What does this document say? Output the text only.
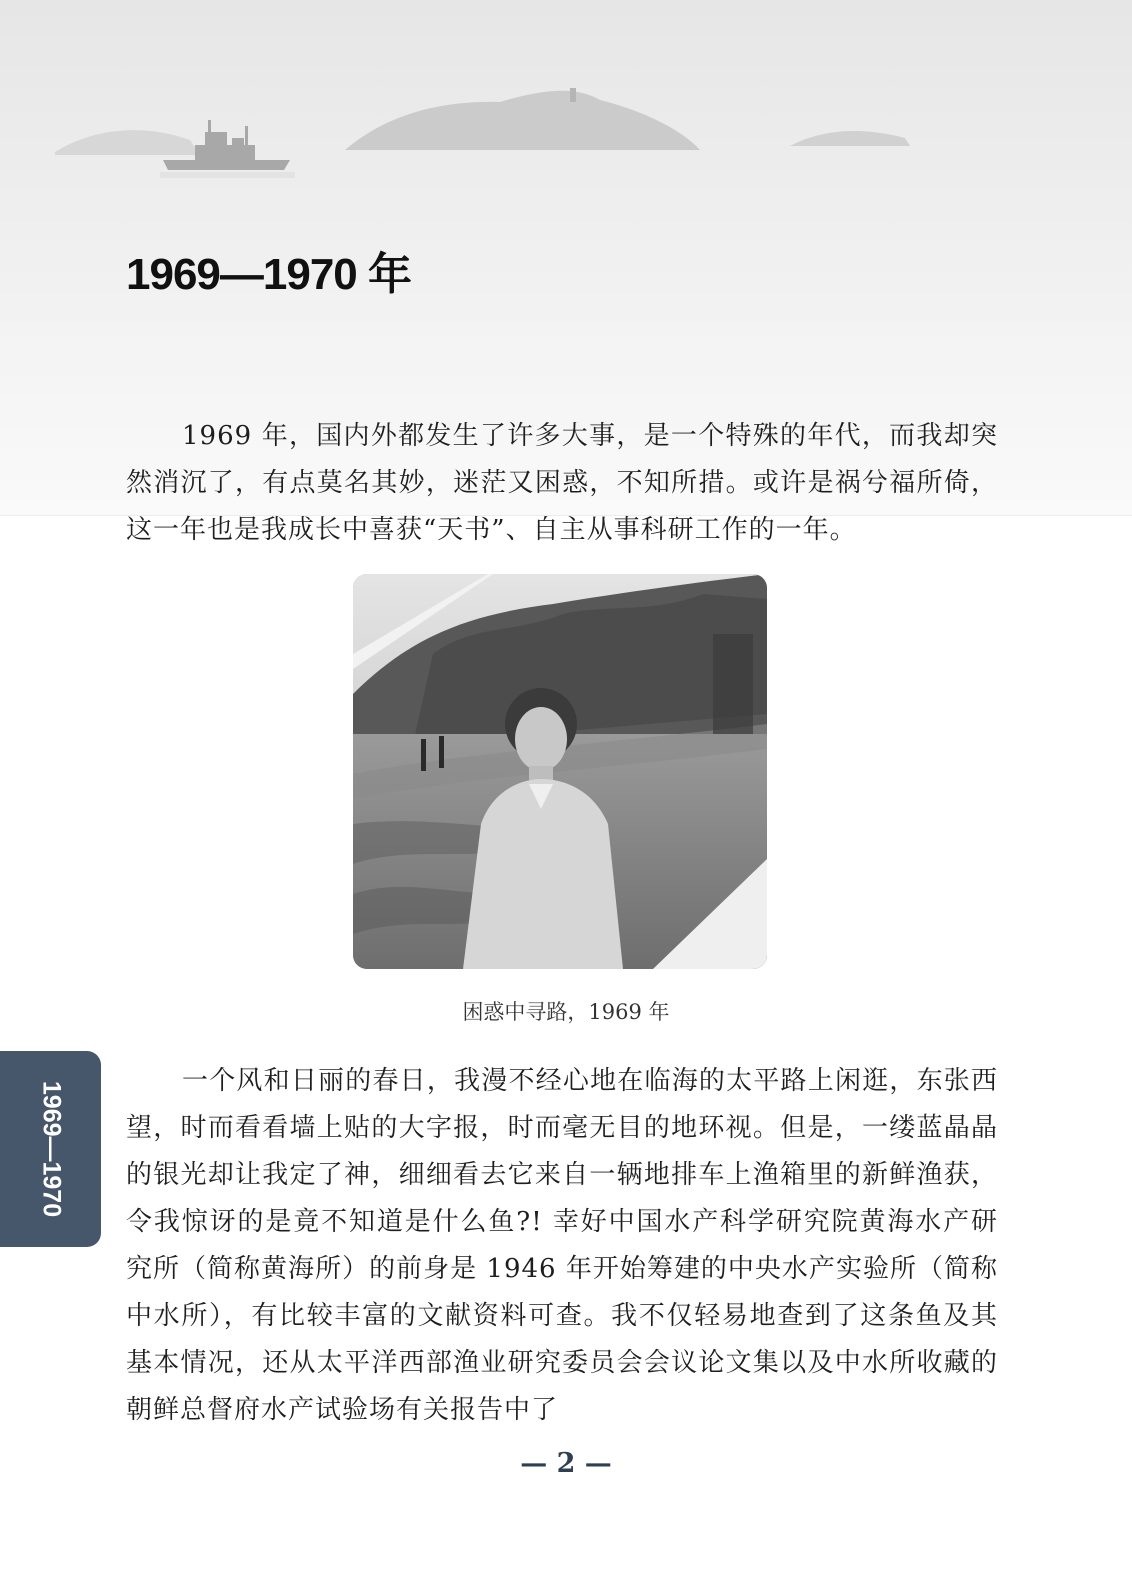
1969—1970 年

1969 年，国内外都发生了许多大事，是一个特殊的年代，而我却突然消沉了，有点莫名其妙，迷茫又困惑，不知所措。或许是祸兮福所倚，这一年也是我成长中喜获“天书”、自主从事科研工作的一年。

困惑中寻路，1969 年

1969—1970	一个风和日丽的春日，我漫不经心地在临海的太平路上闲逛，东张西望，时而看看墙上贴的大字报，时而毫无目的地环视。但是，一缕蓝晶晶的银光却让我定了神，细细看去它来自一辆地排车上渔箱里的新鲜渔获，令我惊讶的是竟不知道是什么鱼?! 幸好中国水产科学研究院黄海水产研究所（简称黄海所）的前身是 1946 年开始筹建的中央水产实验所（简称中水所），有比较丰富的文献资料可查。我不仅轻易地查到了这条鱼及其基本情况，还从太平洋西部渔业研究委员会会议论文集以及中水所收藏的朝鲜总督府水产试验场有关报告中了

— 2 —
